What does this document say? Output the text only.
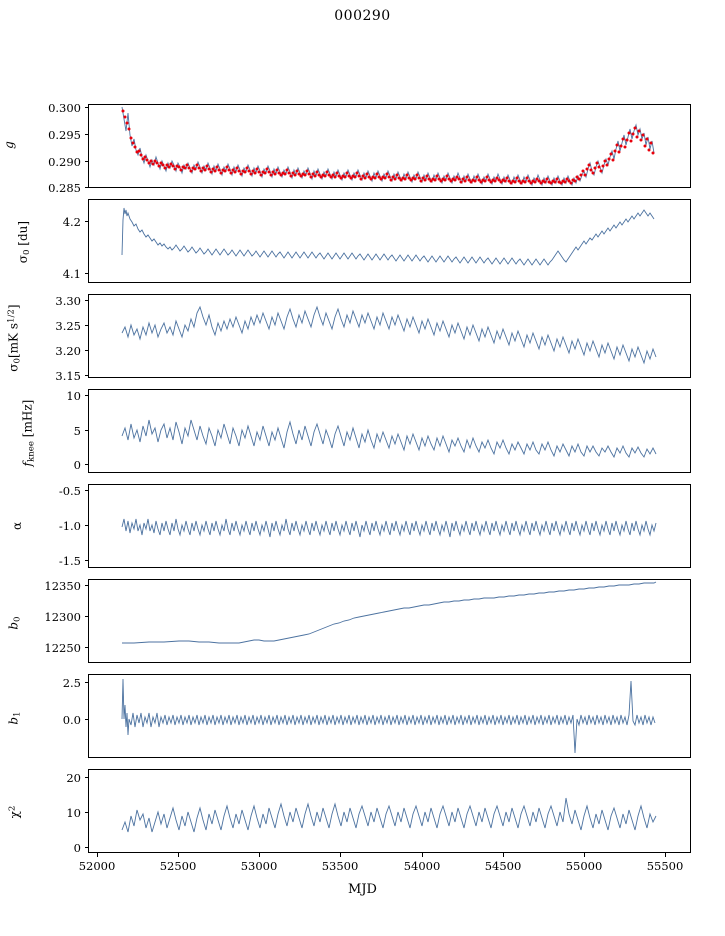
000290
0.285
0.290
0.295
0.300
g
4.1
4.2
$\sigma_0$ [du]
3.15
3.20
3.25
3.30
$\sigma_0[mK$ $s^{1/2}$]
0
5
10
$f_{knee}$ [mHz]
-1.5
-1.0
-0.5
α
12250
12300
12350
$b_0$
0.0
2.5
$b_1$
0
10
20
$\chi^2$
52000	52500	53000	53500	54000	54500	55000	55500
MJD
